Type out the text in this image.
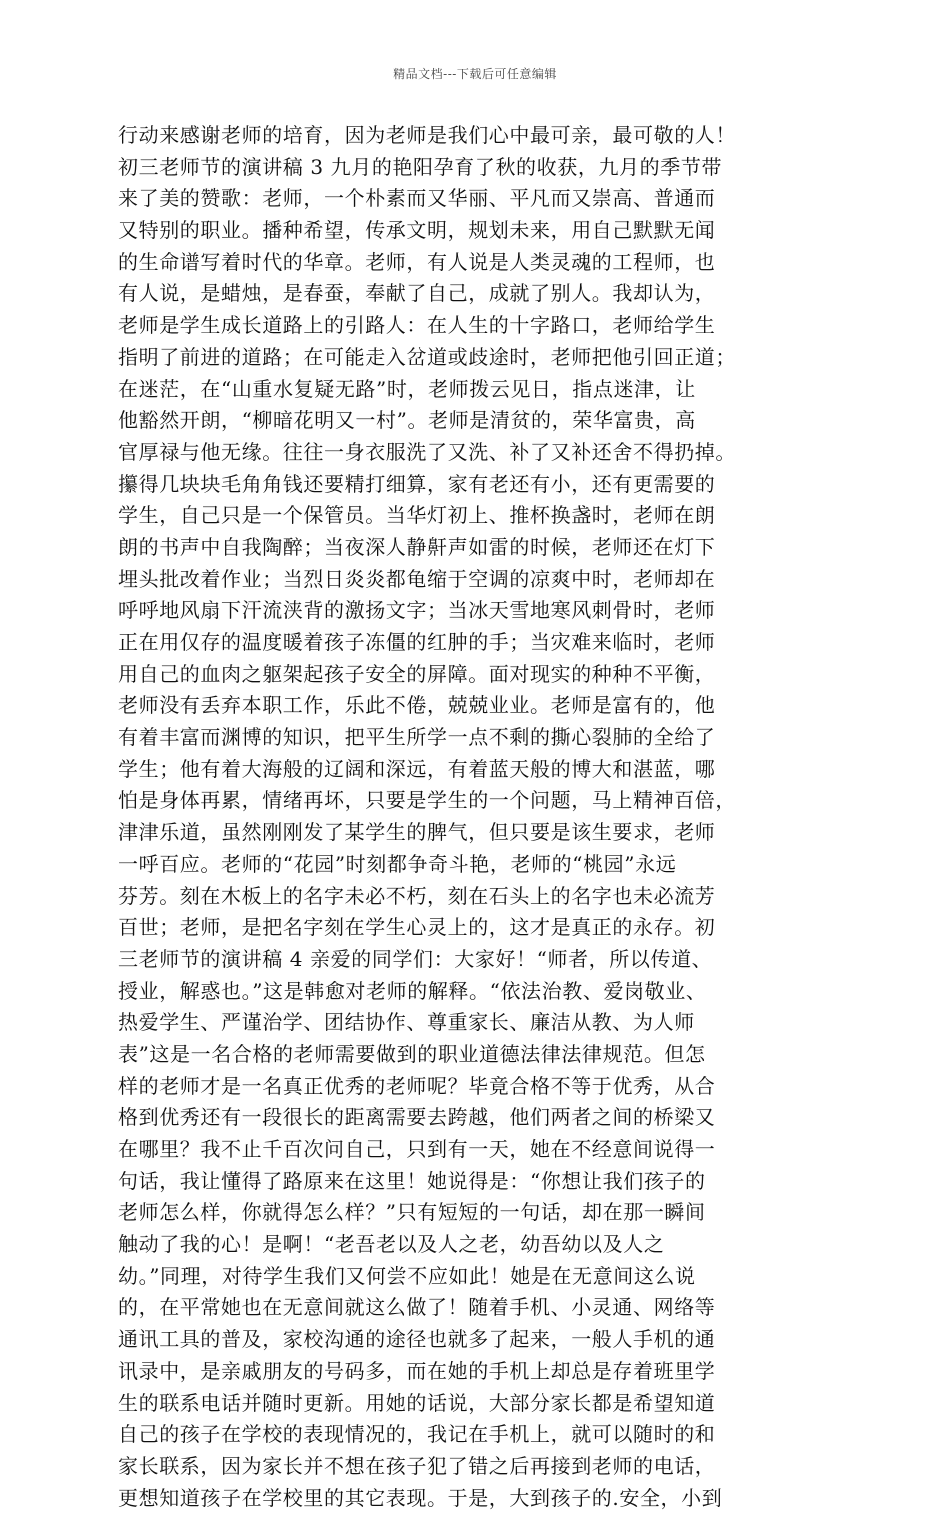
精品文档---下载后可任意编辑
行动来感谢老师的培育，因为老师是我们心中最可亲，最可敬的人！
初三老师节的演讲稿 3 九月的艳阳孕育了秋的收获，九月的季节带
来了美的赞歌：老师，一个朴素而又华丽、平凡而又崇高、普通而
又特别的职业。播种希望，传承文明，规划未来，用自己默默无闻
的生命谱写着时代的华章。老师，有人说是人类灵魂的工程师，也
有人说，是蜡烛，是春蚕，奉献了自己，成就了别人。我却认为，
老师是学生成长道路上的引路人：在人生的十字路口，老师给学生
指明了前进的道路；在可能走入岔道或歧途时，老师把他引回正道；
在迷茫，在“山重水复疑无路”时，老师拨云见日，指点迷津，让
他豁然开朗，“柳暗花明又一村”。老师是清贫的，荣华富贵，高
官厚禄与他无缘。往往一身衣服洗了又洗、补了又补还舍不得扔掉。
攥得几块块毛角角钱还要精打细算，家有老还有小，还有更需要的
学生，自己只是一个保管员。当华灯初上、推杯换盏时，老师在朗
朗的书声中自我陶醉；当夜深人静鼾声如雷的时候，老师还在灯下
埋头批改着作业；当烈日炎炎都龟缩于空调的凉爽中时，老师却在
呼呼地风扇下汗流浃背的激扬文字；当冰天雪地寒风刺骨时，老师
正在用仅存的温度暖着孩子冻僵的红肿的手；当灾难来临时，老师
用自己的血肉之躯架起孩子安全的屏障。面对现实的种种不平衡，
老师没有丢弃本职工作，乐此不倦，兢兢业业。老师是富有的，他
有着丰富而渊博的知识，把平生所学一点不剩的撕心裂肺的全给了
学生；他有着大海般的辽阔和深远，有着蓝天般的博大和湛蓝，哪
怕是身体再累，情绪再坏，只要是学生的一个问题，马上精神百倍，
津津乐道，虽然刚刚发了某学生的脾气，但只要是该生要求，老师
一呼百应。老师的“花园”时刻都争奇斗艳，老师的“桃园”永远
芬芳。刻在木板上的名字未必不朽，刻在石头上的名字也未必流芳
百世；老师，是把名字刻在学生心灵上的，这才是真正的永存。初
三老师节的演讲稿 4 亲爱的同学们：大家好！“师者，所以传道、
授业，解惑也。”这是韩愈对老师的解释。“依法治教、爱岗敬业、
热爱学生、严谨治学、团结协作、尊重家长、廉洁从教、为人师
表”这是一名合格的老师需要做到的职业道德法律法律规范。但怎
样的老师才是一名真正优秀的老师呢？毕竟合格不等于优秀，从合
格到优秀还有一段很长的距离需要去跨越，他们两者之间的桥梁又
在哪里？我不止千百次问自己，只到有一天，她在不经意间说得一
句话，我让懂得了路原来在这里！她说得是：“你想让我们孩子的
老师怎么样，你就得怎么样？”只有短短的一句话，却在那一瞬间
触动了我的心！是啊！“老吾老以及人之老，幼吾幼以及人之
幼。”同理，对待学生我们又何尝不应如此！她是在无意间这么说
的，在平常她也在无意间就这么做了！随着手机、小灵通、网络等
通讯工具的普及，家校沟通的途径也就多了起来，一般人手机的通
讯录中，是亲戚朋友的号码多，而在她的手机上却总是存着班里学
生的联系电话并随时更新。用她的话说，大部分家长都是希望知道
自己的孩子在学校的表现情况的，我记在手机上，就可以随时的和
家长联系，因为家长并不想在孩子犯了错之后再接到老师的电话，
更想知道孩子在学校里的其它表现。于是，大到孩子的.安全，小到
